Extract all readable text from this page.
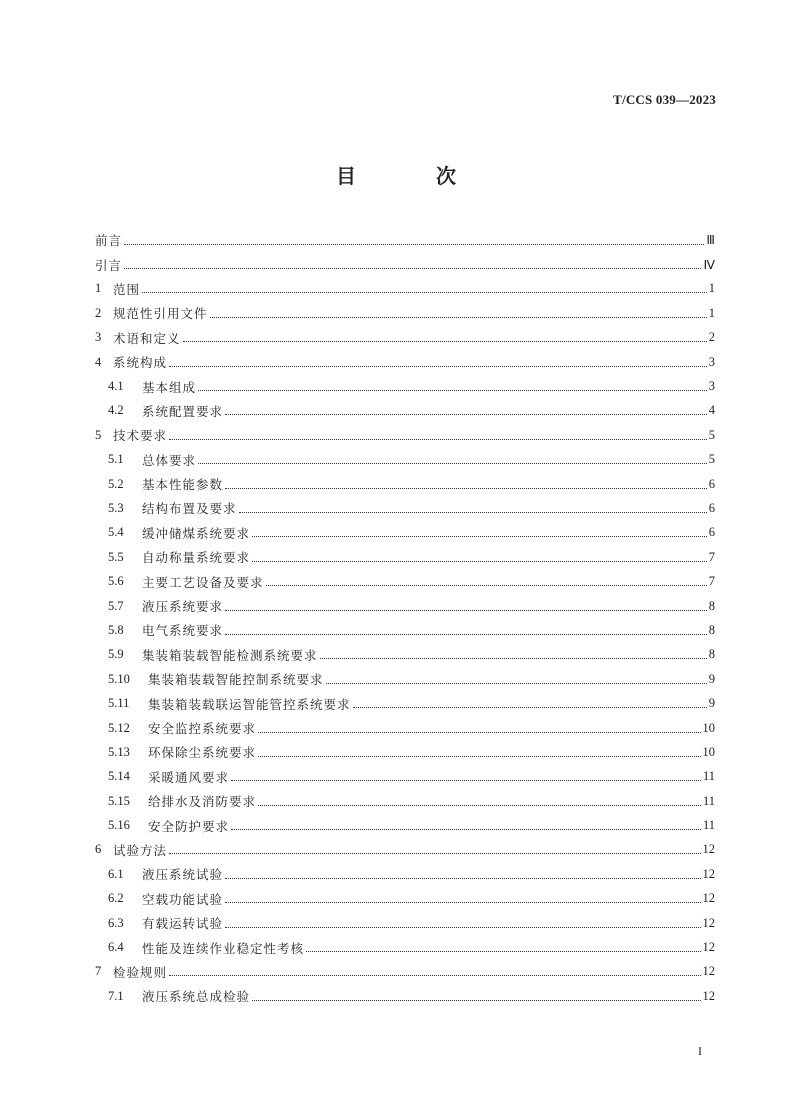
T/CCS 039—2023
目　次
前言	Ⅲ
引言	Ⅳ
1 范围	1
2 规范性引用文件	1
3 术语和定义	2
4 系统构成	3
4.1	基本组成	3
4.2	系统配置要求	4
5 技术要求	5
5.1	总体要求	5
5.2	基本性能参数	6
5.3	结构布置及要求	6
5.4	缓冲储煤系统要求	6
5.5	自动称量系统要求	7
5.6	主要工艺设备及要求	7
5.7	液压系统要求	8
5.8	电气系统要求	8
5.9	集装箱装载智能检测系统要求	8
5.10	集装箱装载智能控制系统要求	9
5.11	集装箱装载联运智能管控系统要求	9
5.12	安全监控系统要求	10
5.13	环保除尘系统要求	10
5.14	采暖通风要求	11
5.15	给排水及消防要求	11
5.16	安全防护要求	11
6 试验方法	12
6.1	液压系统试验	12
6.2	空载功能试验	12
6.3	有载运转试验	12
6.4	性能及连续作业稳定性考核	12
7 检验规则	12
7.1	液压系统总成检验	12
I
